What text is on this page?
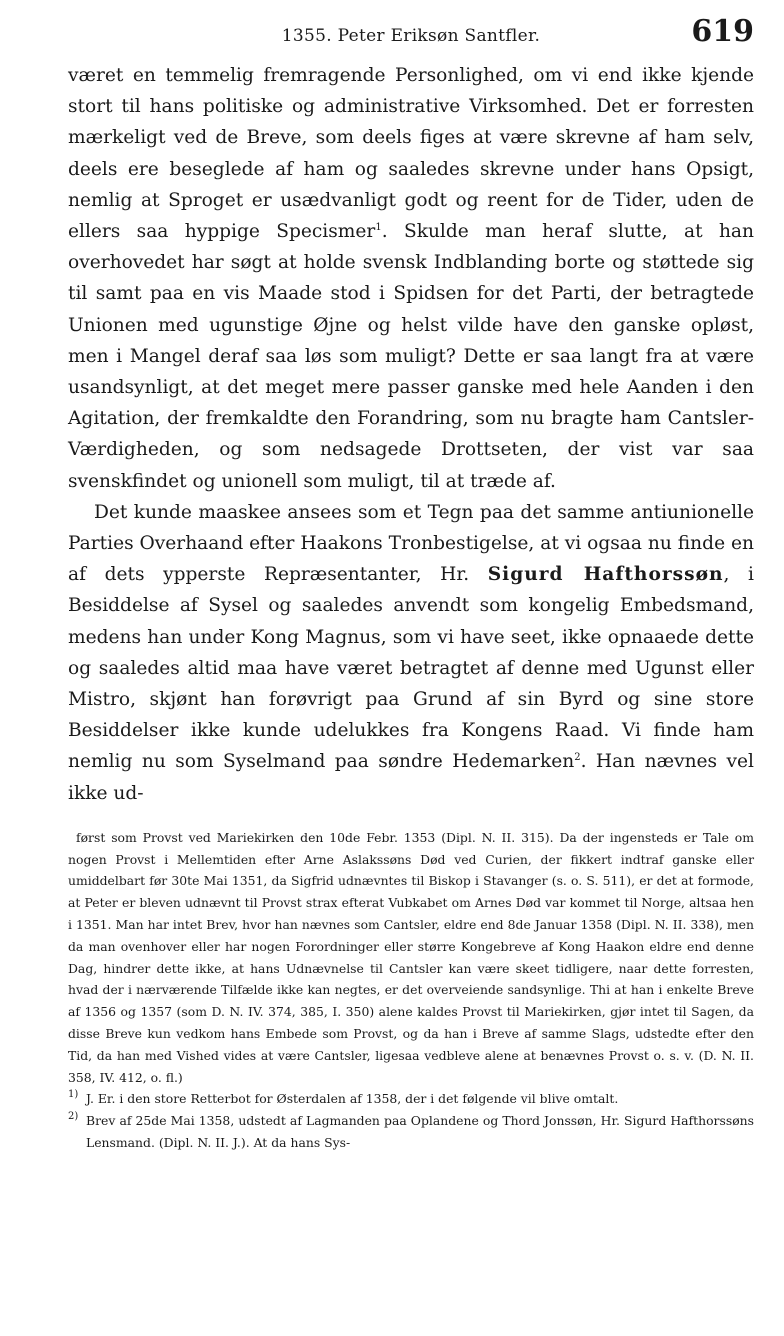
1355. Peter Eriksøn Santfler.	619

været en temmelig fremragende Personlighed, om vi end ikke kjende stort til hans politiske og administrative Virksomhed. Det er forresten mærkeligt ved de Breve, som deels figes at være skrevne af ham selv, deels ere beseglede af ham og saaledes skrevne under hans Opsigt, nemlig at Sproget er usædvanligt godt og reent for de Tider, uden de ellers saa hyppige Specismer$^1$. Skulde man heraf slutte, at han overhovedet har søgt at holde svensk Indblanding borte og støttede sig til samt paa en vis Maade stod i Spidsen for det Parti, der betragtede Unionen med ugunstige Øjne og helst vilde have den ganske opløst, men i Mangel deraf saa løs som muligt? Dette er saa langt fra at være usandsynligt, at det meget mere passer ganske med hele Aanden i den Agitation, der fremkaldte den Forandring, som nu bragte ham Cantsler-Værdigheden, og som nedsagede Drottseten, der vist var saa svenskfindet og unionell som muligt, til at træde af.

Det kunde maaskee ansees som et Tegn paa det samme antiunionelle Parties Overhaand efter Haakons Tronbestigelse, at vi ogsaa nu finde en af dets ypperste Repræsentanter, Hr. Sigurd Hafthorssøn, i Besiddelse af Sysel og saaledes anvendt som kongelig Embedsmand, medens han under Kong Magnus, som vi have seet, ikke opnaaede dette og saaledes altid maa have været betragtet af denne med Ugunst eller Mistro, skjønt han forøvrigt paa Grund af sin Byrd og sine store Besiddelser ikke kunde udelukkes fra Kongens Raad. Vi finde ham nemlig nu som Syselmand paa søndre Hedemarken$^2$. Han nævnes vel ikke ud-

først som Provst ved Mariekirken den 10de Febr. 1353 (Dipl. N. II. 315). Da der ingensteds er Tale om nogen Provst i Mellemtiden efter Arne Aslakssøns Død ved Curien, der fikkert indtraf ganske eller umiddelbart før 30te Mai 1351, da Sigfrid udnævntes til Biskop i Stavanger (s. o. S. 511), er det at formode, at Peter er bleven udnævnt til Provst strax efterat Vubkabet om Arnes Død var kommet til Norge, altsaa hen i 1351. Man har intet Brev, hvor han nævnes som Cantsler, eldre end 8de Januar 1358 (Dipl. N. II. 338), men da man ovenhover eller har nogen Forordninger eller større Kongebreve af Kong Haakon eldre end denne Dag, hindrer dette ikke, at hans Udnævnelse til Cantsler kan være skeet tidligere, naar dette forresten, hvad der i nærværende Tilfælde ikke kan negtes, er det overveiende sandsynlige. Thi at han i enkelte Breve af 1356 og 1357 (som D. N. IV. 374, 385, I. 350) alene kaldes Provst til Mariekirken, gjør intet til Sagen, da disse Breve kun vedkom hans Embede som Provst, og da han i Breve af samme Slags, udstedte efter den Tid, da han med Vished vides at være Cantsler, ligesaa vedbleve alene at benævnes Provst o. s. v. (D. N. II. 358, IV. 412, o. fl.)

1) J. Er. i den store Retterbot for Østerdalen af 1358, der i det følgende vil blive omtalt.

2) Brev af 25de Mai 1358, udstedt af Lagmanden paa Oplandene og Thord Jonssøn, Hr. Sigurd Hafthorssøns Lensmand. (Dipl. N. II. J.). At da hans Sys-
